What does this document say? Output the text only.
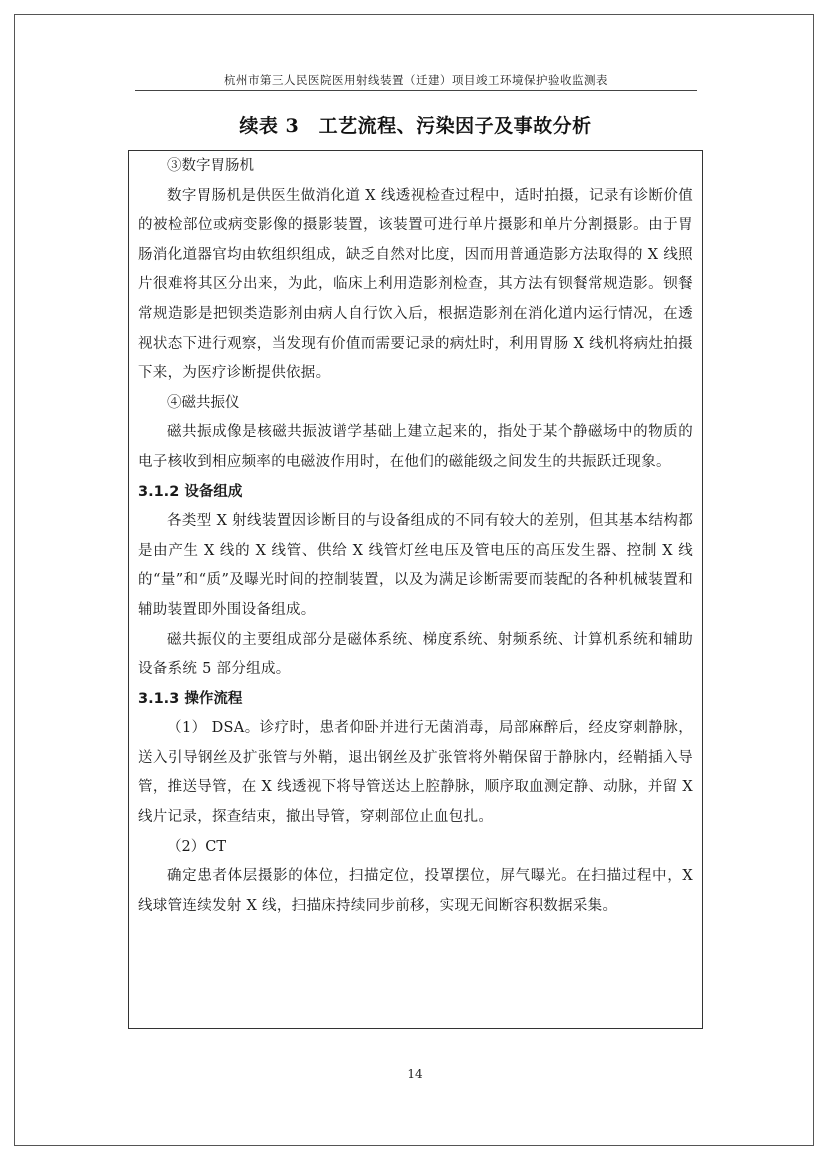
杭州市第三人民医院医用射线装置（迁建）项目竣工环境保护验收监测表
续表 3　工艺流程、污染因子及事故分析

③数字胃肠机

数字胃肠机是供医生做消化道 X 线透视检查过程中，适时拍摄，记录有诊断价值的被检部位或病变影像的摄影装置，该装置可进行单片摄影和单片分割摄影。由于胃肠消化道器官均由软组织组成，缺乏自然对比度，因而用普通造影方法取得的 X 线照片很难将其区分出来，为此，临床上利用造影剂检查，其方法有钡餐常规造影。钡餐常规造影是把钡类造影剂由病人自行饮入后，根据造影剂在消化道内运行情况，在透视状态下进行观察，当发现有价值而需要记录的病灶时，利用胃肠 X 线机将病灶拍摄下来，为医疗诊断提供依据。

④磁共振仪

磁共振成像是核磁共振波谱学基础上建立起来的，指处于某个静磁场中的物质的电子核收到相应频率的电磁波作用时，在他们的磁能级之间发生的共振跃迁现象。

3.1.2 设备组成

各类型 X 射线装置因诊断目的与设备组成的不同有较大的差别，但其基本结构都是由产生 X 线的 X 线管、供给 X 线管灯丝电压及管电压的高压发生器、控制 X 线的“量”和“质”及曝光时间的控制装置，以及为满足诊断需要而装配的各种机械装置和辅助装置即外围设备组成。

磁共振仪的主要组成部分是磁体系统、梯度系统、射频系统、计算机系统和辅助设备系统 5 部分组成。

3.1.3 操作流程

（1） DSA。诊疗时，患者仰卧并进行无菌消毒，局部麻醉后，经皮穿刺静脉，送入引导钢丝及扩张管与外鞘，退出钢丝及扩张管将外鞘保留于静脉内，经鞘插入导管，推送导管，在 X 线透视下将导管送达上腔静脉，顺序取血测定静、动脉，并留 X 线片记录，探查结束，撤出导管，穿刺部位止血包扎。

（2）CT

确定患者体层摄影的体位，扫描定位，投罩摆位，屏气曝光。在扫描过程中，X 线球管连续发射 X 线，扫描床持续同步前移，实现无间断容积数据采集。

14
